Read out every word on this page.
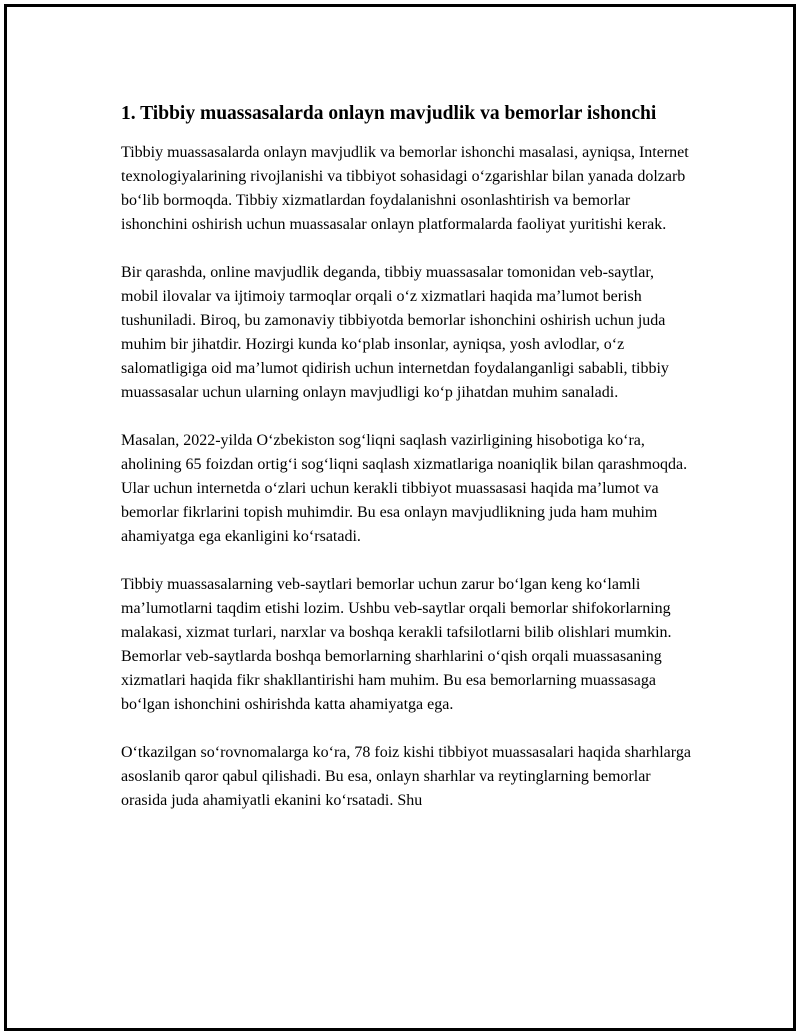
1. Tibbiy muassasalarda onlayn mavjudlik va bemorlar ishonchi

Tibbiy muassasalarda onlayn mavjudlik va bemorlar ishonchi masalasi, ayniqsa, Internet texnologiyalarining rivojlanishi va tibbiyot sohasidagi o‘zgarishlar bilan yanada dolzarb bo‘lib bormoqda. Tibbiy xizmatlardan foydalanishni osonlashtirish va bemorlar ishonchini oshirish uchun muassasalar onlayn platformalarda faoliyat yuritishi kerak.

Bir qarashda, online mavjudlik deganda, tibbiy muassasalar tomonidan veb-saytlar, mobil ilovalar va ijtimoiy tarmoqlar orqali o‘z xizmatlari haqida ma’lumot berish tushuniladi. Biroq, bu zamonaviy tibbiyotda bemorlar ishonchini oshirish uchun juda muhim bir jihatdir. Hozirgi kunda ko‘plab insonlar, ayniqsa, yosh avlodlar, o‘z salomatligiga oid ma’lumot qidirish uchun internetdan foydalanganligi sababli, tibbiy muassasalar uchun ularning onlayn mavjudligi ko‘p jihatdan muhim sanaladi.

Masalan, 2022-yilda O‘zbekiston sog‘liqni saqlash vazirligining hisobotiga ko‘ra, aholining 65 foizdan ortig‘i sog‘liqni saqlash xizmatlariga noaniqlik bilan qarashmoqda. Ular uchun internetda o‘zlari uchun kerakli tibbiyot muassasasi haqida ma’lumot va bemorlar fikrlarini topish muhimdir. Bu esa onlayn mavjudlikning juda ham muhim ahamiyatga ega ekanligini ko‘rsatadi.

Tibbiy muassasalarning veb-saytlari bemorlar uchun zarur bo‘lgan keng ko‘lamli ma’lumotlarni taqdim etishi lozim. Ushbu veb-saytlar orqali bemorlar shifokorlarning malakasi, xizmat turlari, narxlar va boshqa kerakli tafsilotlarni bilib olishlari mumkin. Bemorlar veb-saytlarda boshqa bemorlarning sharhlarini o‘qish orqali muassasaning xizmatlari haqida fikr shakllantirishi ham muhim. Bu esa bemorlarning muassasaga bo‘lgan ishonchini oshirishda katta ahamiyatga ega.

O‘tkazilgan so‘rovnomalarga ko‘ra, 78 foiz kishi tibbiyot muassasalari haqida sharhlarga asoslanib qaror qabul qilishadi. Bu esa, onlayn sharhlar va reytinglarning bemorlar orasida juda ahamiyatli ekanini ko‘rsatadi. Shu
